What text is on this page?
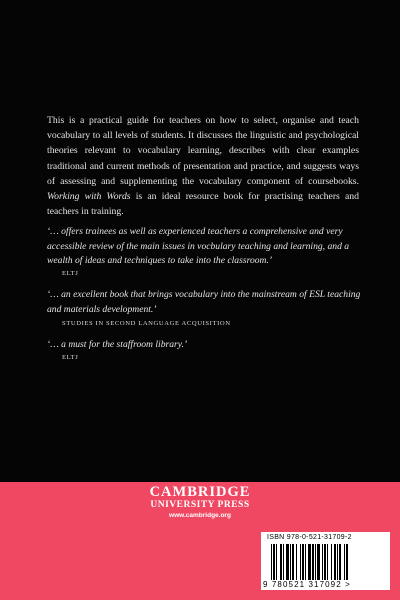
This is a practical guide for teachers on how to select, organise and teach vocabulary to all levels of students. It discusses the linguistic and psychological theories relevant to vocabulary learning, describes with clear examples traditional and current methods of presentation and practice, and suggests ways of assessing and supplementing the vocabulary component of coursebooks. Working with Words is an ideal resource book for practising teachers and teachers in training.

‘… offers trainees as well as experienced teachers a comprehensive and very accessible review of the main issues in vocbulary teaching and learning, and a wealth of ideas and techniques to take into the classroom.’

ELTJ

‘… an excellent book that brings vocabulary into the mainstream of ESL teaching and materials development.’

STUDIES IN SECOND LANGUAGE ACQUISITION

‘… a must for the staffroom library.’

ELTJ
CAMBRIDGE
UNIVERSITY PRESS
www.cambridge.org
ISBN 978-0-521-31709-2
9 780521 317092 >
